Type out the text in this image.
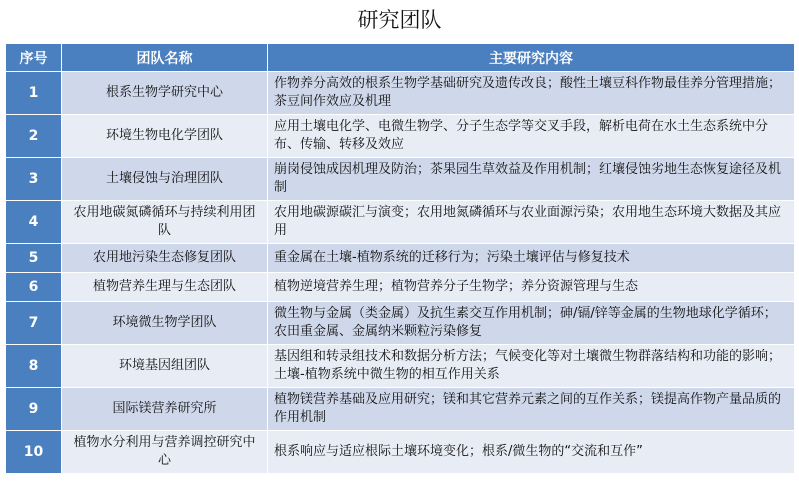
研究团队
序号	团队名称	主要研究内容
1	根系生物学研究中心	作物养分高效的根系生物学基础研究及遗传改良；酸性土壤豆科作物最佳养分管理措施；茶豆间作效应及机理
2	环境生物电化学团队	应用土壤电化学、电微生物学、分子生态学等交叉手段，解析电荷在水土生态系统中分布、传输、转移及效应
3	土壤侵蚀与治理团队	崩岗侵蚀成因机理及防治；茶果园生草效益及作用机制；红壤侵蚀劣地生态恢复途径及机制
4	农用地碳氮磷循环与持续利用团队	农用地碳源碳汇与演变；农用地氮磷循环与农业面源污染；农用地生态环境大数据及其应用
5	农用地污染生态修复团队	重金属在土壤-植物系统的迁移行为；污染土壤评估与修复技术
6	植物营养生理与生态团队	植物逆境营养生理；植物营养分子生物学；养分资源管理与生态
7	环境微生物学团队	微生物与金属（类金属）及抗生素交互作用机制；砷/镉/锌等金属的生物地球化学循环；农田重金属、金属纳米颗粒污染修复
8	环境基因组团队	基因组和转录组技术和数据分析方法；气候变化等对土壤微生物群落结构和功能的影响；土壤-植物系统中微生物的相互作用关系
9	国际镁营养研究所	植物镁营养基础及应用研究；镁和其它营养元素之间的互作关系；镁提高作物产量品质的作用机制
10	植物水分利用与营养调控研究中心	根系响应与适应根际土壤环境变化；根系/微生物的“交流和互作”
